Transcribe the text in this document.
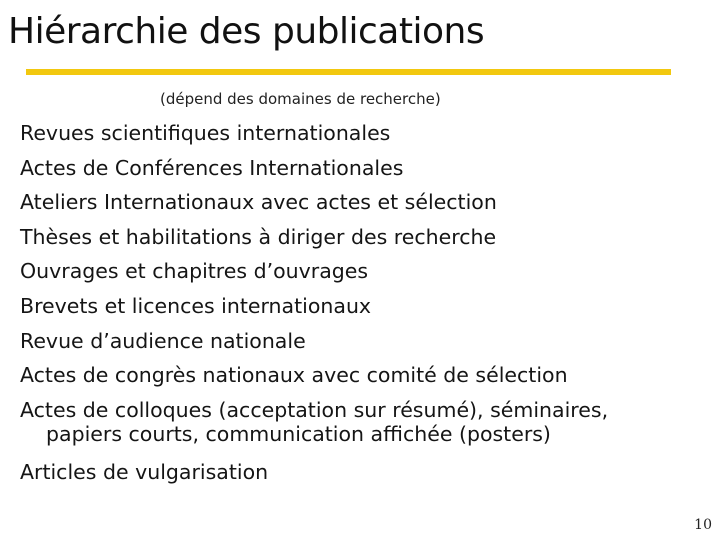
Hiérarchie des publications
(dépend des domaines de recherche)
Revues scientifiques internationales
Actes de Conférences Internationales
Ateliers Internationaux avec actes et sélection
Thèses et habilitations à diriger des recherche
Ouvrages et chapitres d’ouvrages
Brevets et licences internationaux
Revue d’audience nationale
Actes de congrès nationaux avec comité de sélection
Actes de colloques (acceptation sur résumé), séminaires,
papiers courts, communication affichée (posters)
Articles de vulgarisation
10
